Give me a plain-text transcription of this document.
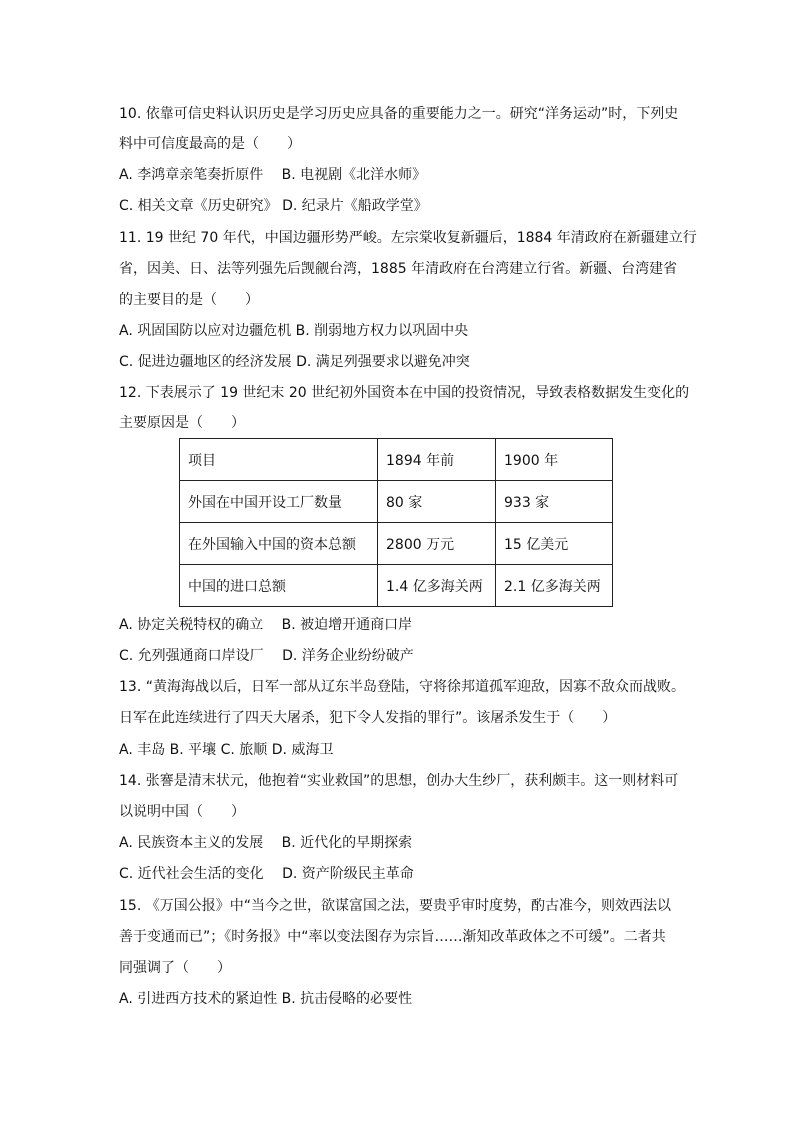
10. 依靠可信史料认识历史是学习历史应具备的重要能力之一。研究“洋务运动”时，下列史
料中可信度最高的是（　　）
A. 李鸿章亲笔奏折原件　 B. 电视剧《北洋水师》
C. 相关文章《历史研究》 D. 纪录片《船政学堂》
11. 19 世纪 70 年代，中国边疆形势严峻。左宗棠收复新疆后，1884 年清政府在新疆建立行
省，因美、日、法等列强先后觊觎台湾，1885 年清政府在台湾建立行省。新疆、台湾建省
的主要目的是（　　）
A. 巩固国防以应对边疆危机 B. 削弱地方权力以巩固中央
C. 促进边疆地区的经济发展 D. 满足列强要求以避免冲突
12. 下表展示了 19 世纪末 20 世纪初外国资本在中国的投资情况，导致表格数据发生变化的
主要原因是（　　）
项目	1894 年前	1900 年
外国在中国开设工厂数量	80 家	933 家
在外国输入中国的资本总额	2800 万元	15 亿美元
中国的进口总额	1.4 亿多海关两	2.1 亿多海关两
A. 协定关税特权的确立　 B. 被迫增开通商口岸
C. 允列强通商口岸设厂　 D. 洋务企业纷纷破产
13. “黄海海战以后，日军一部从辽东半岛登陆，守将徐邦道孤军迎敌，因寡不敌众而战败。
日军在此连续进行了四天大屠杀，犯下令人发指的罪行”。该屠杀发生于（　　）
A. 丰岛 B. 平壤 C. 旅顺 D. 威海卫
14. 张謇是清末状元，他抱着“实业救国”的思想，创办大生纱厂，获利颇丰。这一则材料可
以说明中国（　　）
A. 民族资本主义的发展　 B. 近代化的早期探索
C. 近代社会生活的变化　 D. 资产阶级民主革命
15. 《万国公报》中“当今之世，欲谋富国之法，要贵乎审时度势，酌古准今，则效西法以
善于变通而已”；《时务报》中“率以变法图存为宗旨……渐知改革政体之不可缓”。二者共
同强调了（　　）
A. 引进西方技术的紧迫性 B. 抗击侵略的必要性
